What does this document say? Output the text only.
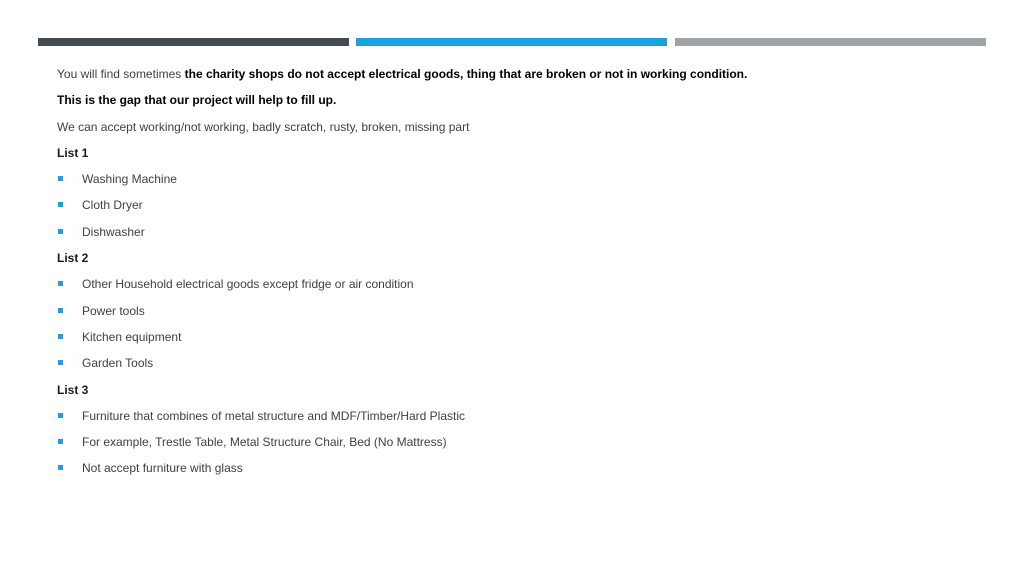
You will find sometimes the charity shops do not accept electrical goods, thing that are broken or not in working condition.
This is the gap that our project will help to fill up.
We can accept working/not working, badly scratch, rusty, broken, missing part
List 1
Washing Machine
Cloth Dryer
Dishwasher
List 2
Other Household electrical goods except fridge or air condition
Power tools
Kitchen equipment
Garden Tools
List 3
Furniture that combines of metal structure and MDF/Timber/Hard Plastic
For example, Trestle Table, Metal Structure Chair, Bed (No Mattress)
Not accept furniture with glass
